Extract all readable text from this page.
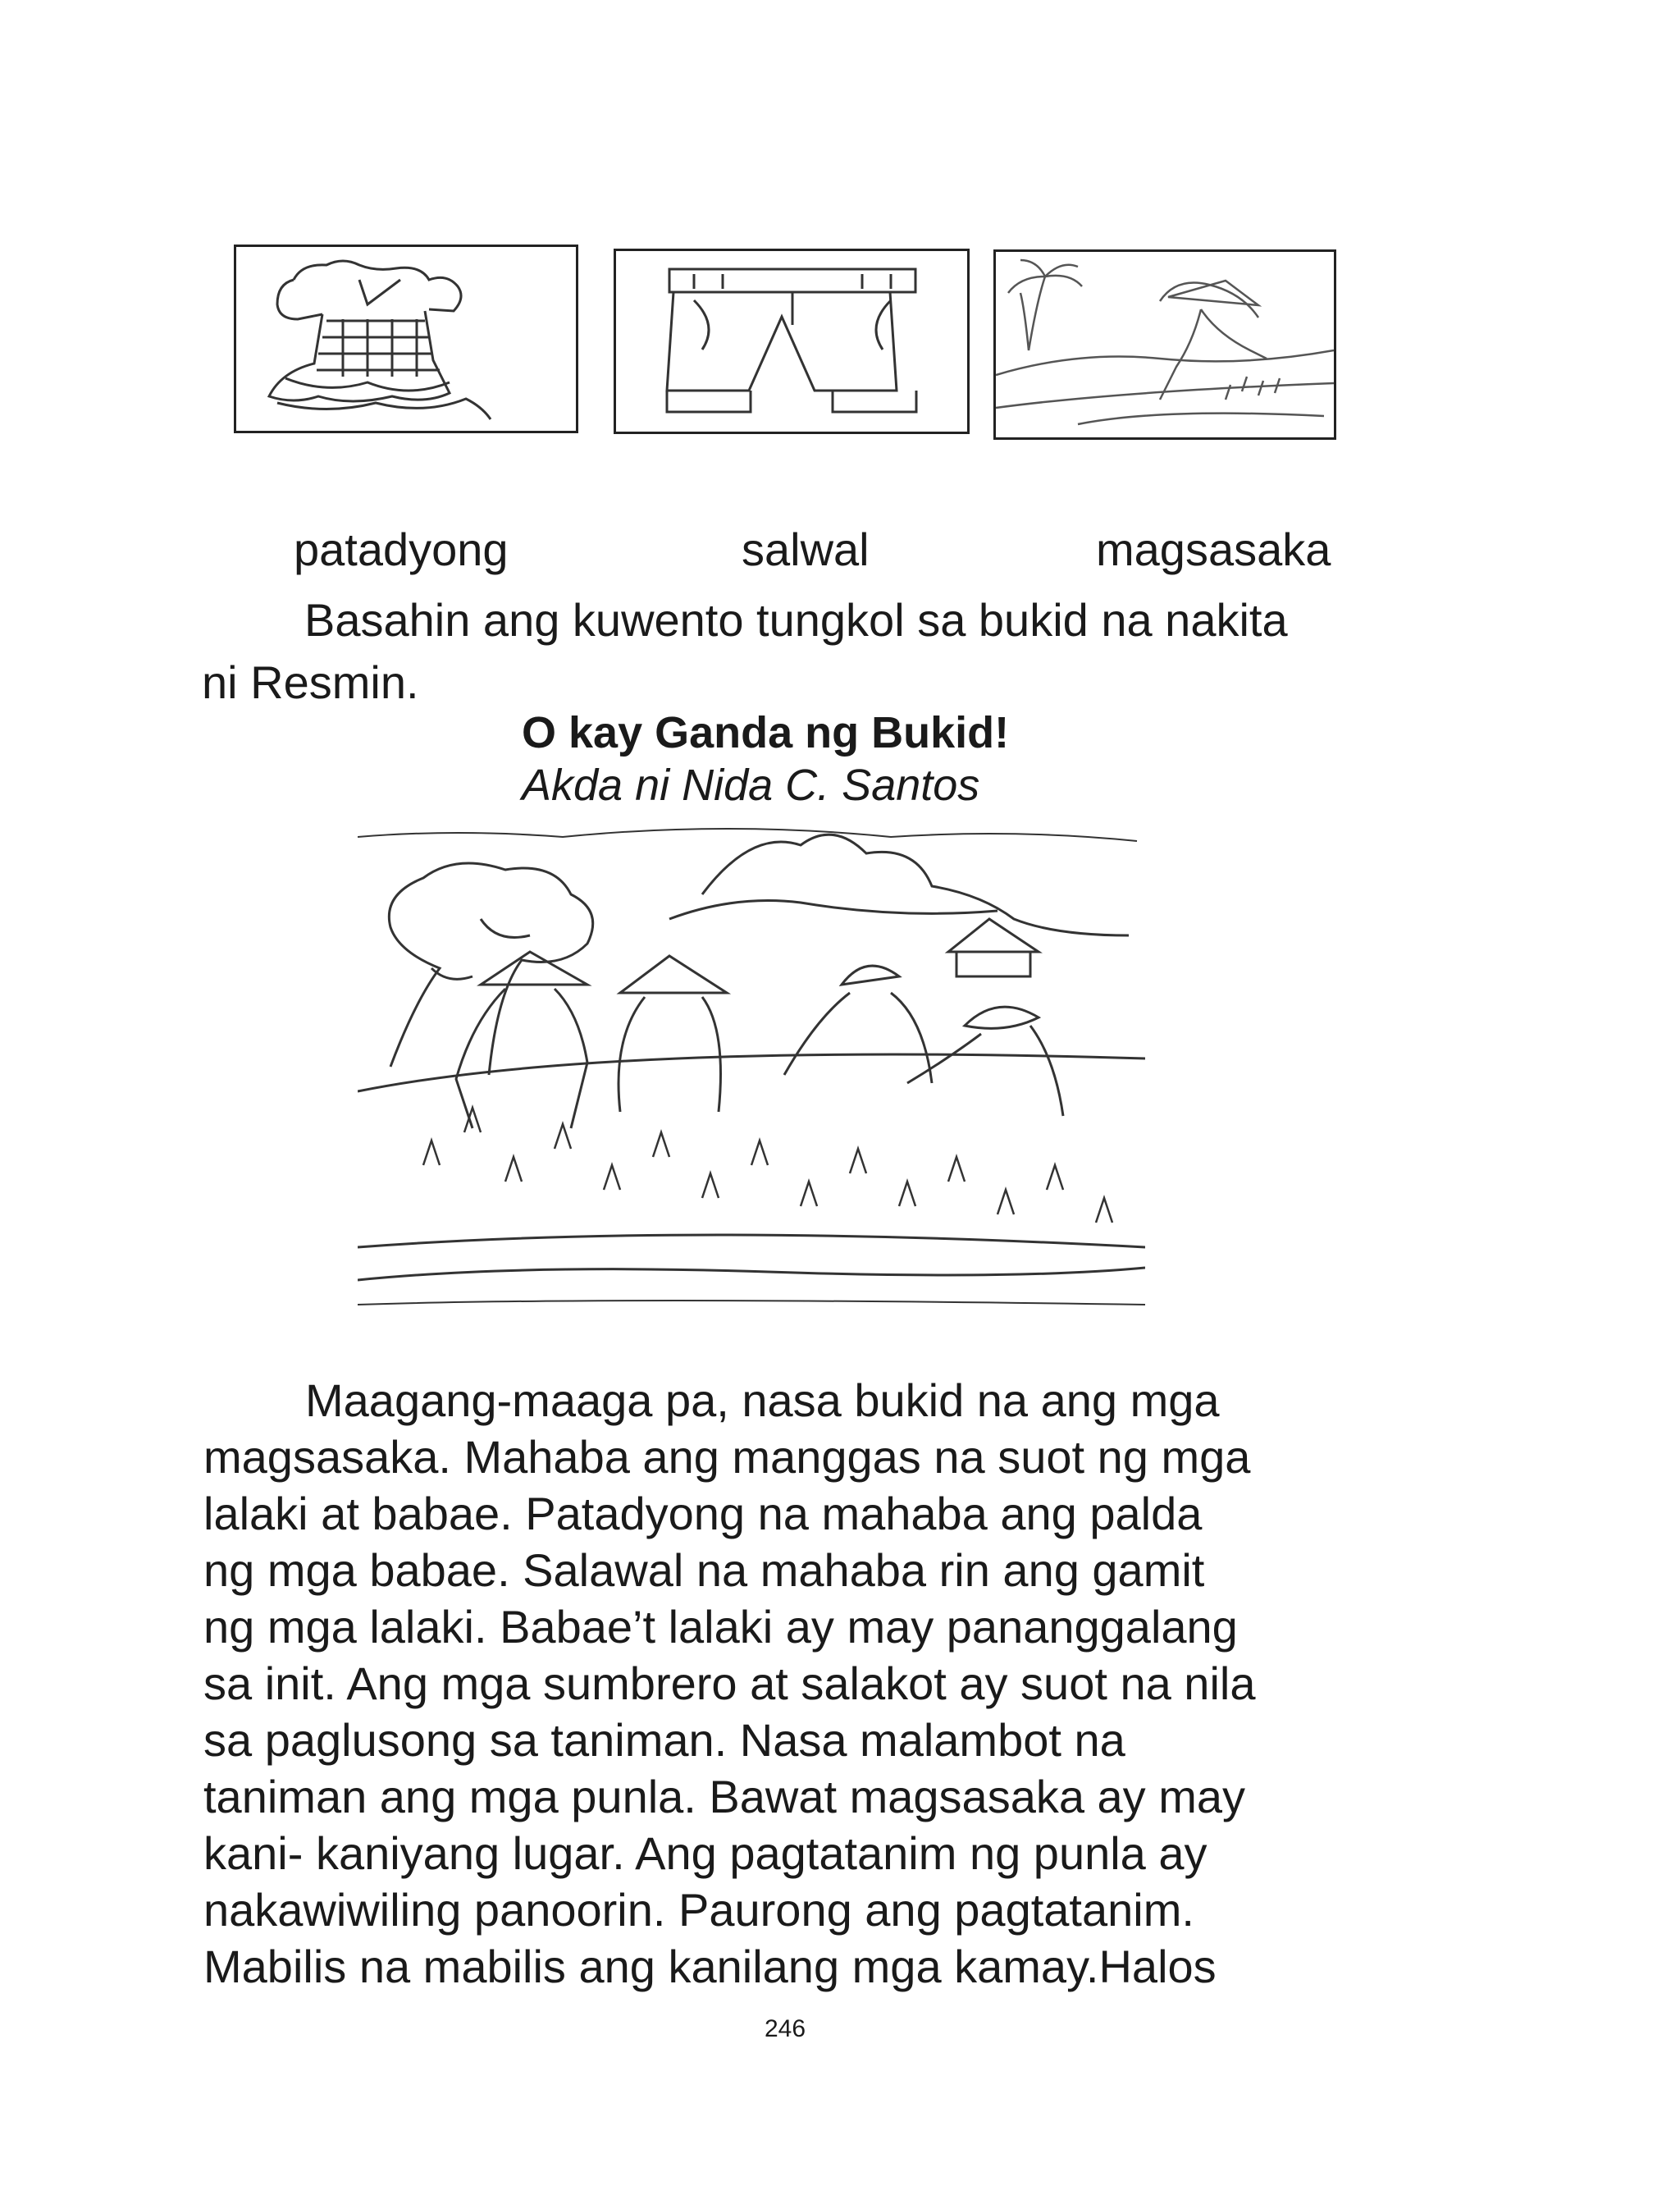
patadyong	salwal	magsasaka
Basahin ang kuwento tungkol sa bukid na nakita
ni Resmin.
O kay Ganda ng Bukid!
Akda ni Nida C. Santos
Maagang-maaga pa, nasa bukid na ang mga
magsasaka. Mahaba ang manggas na suot ng mga
lalaki at babae. Patadyong na mahaba ang palda
ng mga babae. Salawal na mahaba rin ang gamit
ng mga lalaki. Babae’t lalaki ay may pananggalang
sa init. Ang mga sumbrero at salakot ay suot na nila
sa paglusong sa taniman. Nasa malambot na
taniman ang mga punla. Bawat magsasaka ay may
kani- kaniyang lugar. Ang pagtatanim ng punla ay
nakawiwiling panoorin. Paurong ang pagtatanim.
Mabilis na mabilis ang kanilang mga kamay.Halos
246
